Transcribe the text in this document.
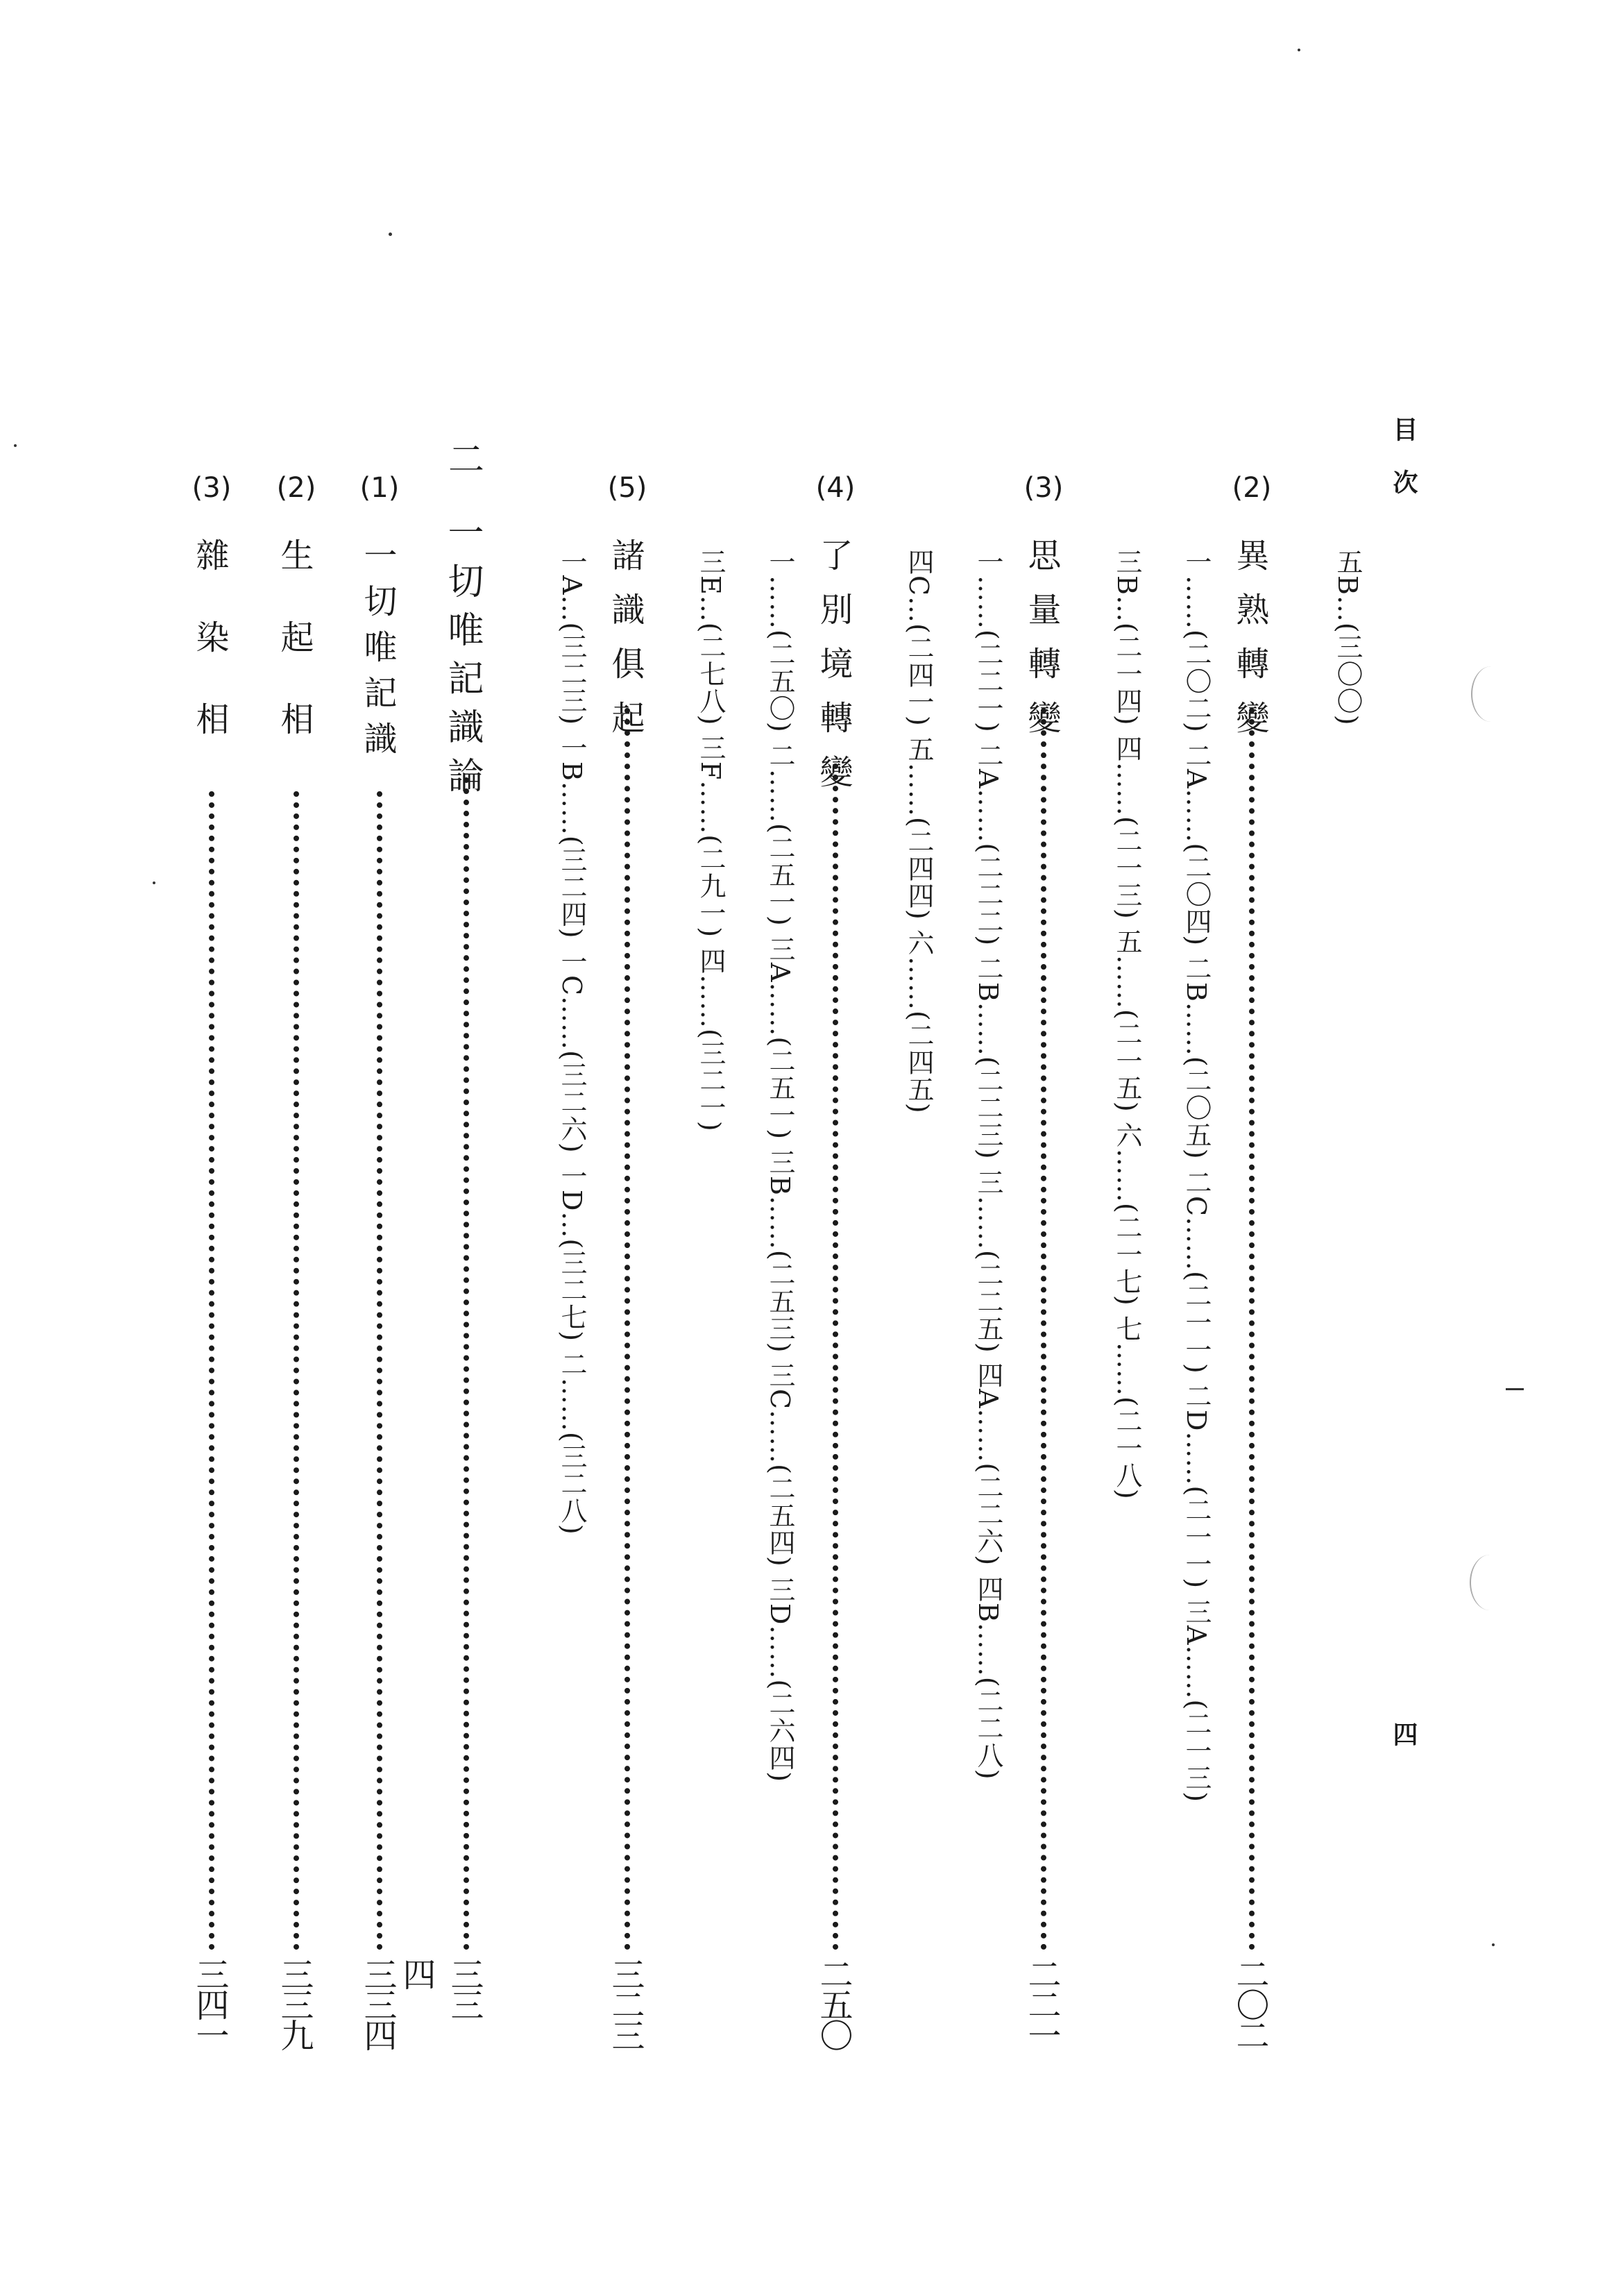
目次
四
五B…(三〇〇)
(2)
異熟轉變
二〇二
一……(二〇二) 二A……(二〇四) 二B……(二〇五) 二C……(二一一) 二D……(二一一) 三A……(二一三)
三B…(二一四) 四……(二一三) 五……(二一五) 六……(二一七) 七……(二一八)
(3)
思量轉變
二二一
一……(二二一) 二A……(二二二) 二B……(二二三) 三……(二二五) 四A……(二二六) 四B……(二二八)
四C…(二四一) 五……(二四四) 六……(二四五)
(4)
了別境轉變
二五〇
一……(二五〇) 二……(二五一) 三A……(二五一) 三B……(二五三) 三C……(二五四) 三D……(二六四)
三E…(二七八) 三F……(二九一) 四……(三二一)
(5)
諸識俱起
三二三
一A…(三二三) 一B……(三二四) 一C……(三二六) 一D…(三二七) 二……(三二八)
二
一切唯記識論
三三四
(1)
一切唯記識
三三四
(2)
生起相
三三九
(3)
雜染相
三四一
